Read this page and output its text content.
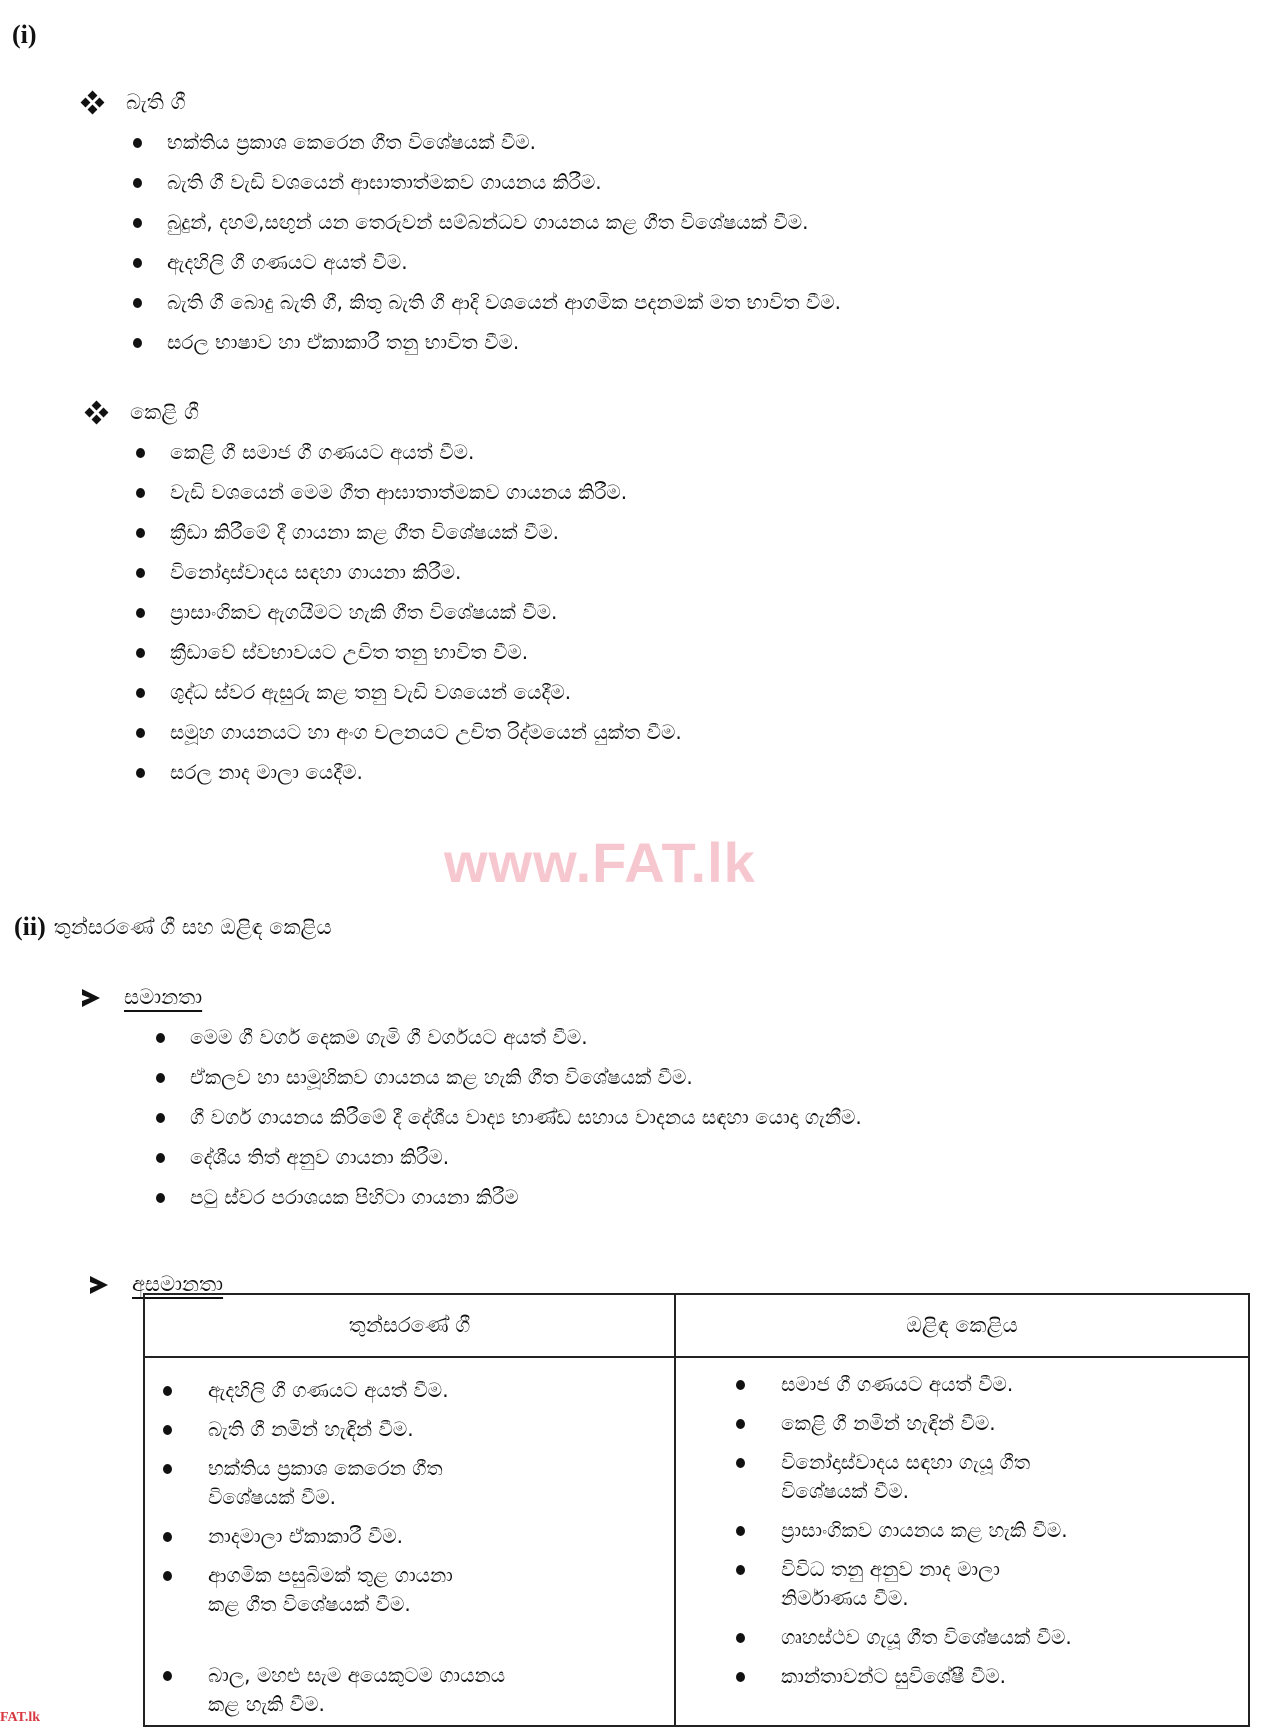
(i)
බැති ගී
භක්තිය ප්‍රකාශ කෙරෙන ගීත විශේෂයක් වීම.
බැති ගී වැඩි වශයෙන් ආඝාතාත්මකව ගායනය කිරීම.
බුදුන්, දහම්,සඟුන් යන තෙරුවන් සම්බන්ධව ගායනය කළ ගීත විශේෂයක් වීම.
ඇදහිලි ගී ගණයට අයත් වීම.
බැති ගී බොදු බැති ගී, කිතු බැති ගී ආදි වශයෙන් ආගමික පදනමක් මත භාවිත වීම.
සරල භාෂාව හා ඒකාකාරී තනු භාවිත වීම.
කෙළි ගී
කෙළි ගී සමාජ ගී ගණයට අයත් වීම.
වැඩි වශයෙන් මෙම ගීත ආඝාතාත්මකව ගායනය කිරීම.
ක්‍රීඩා කිරීමේ දී ගායනා කළ ගීත විශේෂයක් වීම.
විනෝදාස්වාදය සඳහා ගායනා කිරීම.
ප්‍රාසාංගිකව ඇගයීමට හැකි ගීත විශේෂයක් වීම.
ක්‍රීඩාවේ ස්වභාවයට උචිත තනු භාවිත වීම.
ශුද්ධ ස්වර ඇසුරු කළ තනු වැඩි වශයෙන් යෙදීම.
සමූහ ගායනයට හා අංග චලනයට උචිත රිද්මයෙන් යුක්ත වීම.
සරල නාද මාලා යෙදීම.
www.FAT.lk
(ii) තුන්සරණේ ගී සහ ඔළිඳ කෙළිය
සමානතා
මෙම ගී වර්ග දෙකම ගැමි ගී වර්ගයට අයත් වීම.
ඒකලව හා සාමූහිකව ගායනය කළ හැකි ගීත විශේෂයක් වීම.
ගී වර්ග ගායනය කිරීමේ දී දේශීය වාද්‍ය භාණ්ඩ සහාය වාදනය සඳහා යොදා ගැනීම.
දේශීය තිත් අනුව ගායනා කිරීම.
පටු ස්වර පරාශයක පිහිටා ගායනා කිරීම
අසමානතා
තුන්සරණේ ගී	ඔළිඳ කෙළිය
ඇදහිලි ගී ගණයට අයත් වීම.
බැති ගී නමින් හැඳින් වීම.
භක්තිය ප්‍රකාශ කෙරෙන ගීත
විශේෂයක් වීම.
නාදමාලා ඒකාකාරී වීම.
ආගමික පසුබිමක් තුළ ගායනා
කළ ගීත විශේෂයක් වීම.
බාල, මහළු සැම අයෙකුටම ගායනය
කළ හැකි වීම.
සමාජ ගී ගණයට අයත් වීම.
කෙළි ගී නමින් හැඳින් වීම.
විනෝදාස්වාදය සඳහා ගැයූ ගීත
විශේෂයක් වීම.
ප්‍රාසාංගිකව ගායනය කළ හැකි වීම.
විවිධ තනු අනුව නාද මාලා
නිර්මාණය වීම.
ගෘහස්ථව ගැයූ ගීත විශේෂයක් වීම.
කාන්තාවන්ට සුවිශේෂී වීම.
FAT.lk
